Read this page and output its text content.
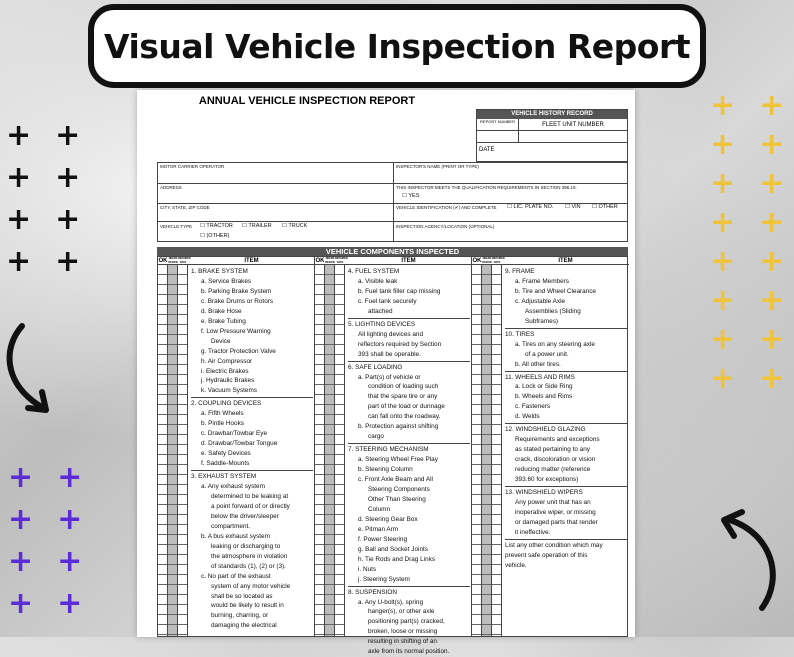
Visual Vehicle Inspection Report
+ +
+ +
+ +
+ +
+ +
+ +
+ +
+ +
+ +
+ +
+ +
+ +
+ +
+ +
+ +
+ +
ANNUAL VEHICLE INSPECTION REPORT
VEHICLE HISTORY RECORD
REPORT NUMBER
FLEET UNIT NUMBER
DATE
MOTOR CARRIER OPERATOR	INSPECTOR'S NAME (PRINT OR TYPE)
ADDRESS	THIS INSPECTOR MEETS THE QUALIFICATION REQUIREMENTS IN SECTION 396.19.
☐ YES
CITY, STATE, ZIP CODE	VEHICLE IDENTIFICATION (✔) AND COMPLETE	☐ LIC. PLATE NO.	☐ VIN	☐ OTHER
VEHICLE TYPE	☐ TRACTOR	☐ TRAILER	☐ TRUCK
☐ (OTHER)
INSPECTION AGENCY/LOCATION (OPTIONAL)
VEHICLE COMPONENTS INSPECTED
OK NEEDS REPAIR
REPAIRED DATE	ITEM
1. BRAKE SYSTEM
a. Service Brakes
b. Parking Brake System
c. Brake Drums or Rotors
d. Brake Hose
e. Brake Tubing
f. Low Pressure Warning
Device
g. Tractor Protection Valve
h. Air Compressor
i. Electric Brakes
j. Hydraulic Brakes
k. Vacuum Systems
2. COUPLING DEVICES
a. Fifth Wheels
b. Pintle Hooks
c. Drawbar/Towbar Eye
d. Drawbar/Towbar Tongue
e. Safety Devices
f. Saddle-Mounts
3. EXHAUST SYSTEM
a. Any exhaust system
determined to be leaking at
a point forward of or directly
below the driver/sleeper
compartment.
b. A bus exhaust system
leaking or discharging to
the atmosphere in violation
of standards (1), (2) or (3).
c. No part of the exhaust
system of any motor vehicle
shall be so located as
would be likely to result in
burning, charring, or
damaging the electrical
OK NEEDS REPAIR
REPAIRED DATE	ITEM
4. FUEL SYSTEM
a. Visible leak
b. Fuel tank filler cap missing
c. Fuel tank securely
attached
5. LIGHTING DEVICES
All lighting devices and
reflectors required by Section
393 shall be operable.
6. SAFE LOADING
a. Part(s) of vehicle or
condition of loading such
that the spare tire or any
part of the load or dunnage
can fall onto the roadway.
b. Protection against shifting
cargo
7. STEERING MECHANISM
a. Steering Wheel Free Play
b. Steering Column
c. Front Axle Beam and All
Steering Components
Other Than Steering
Column
d. Steering Gear Box
e. Pitman Arm
f. Power Steering
g. Ball and Socket Joints
h. Tie Rods and Drag Links
i. Nuts
j. Steering System
8. SUSPENSION
a. Any U-bolt(s), spring
hanger(s), or other axle
positioning part(s) cracked,
broken, loose or missing
resulting in shifting of an
axle from its normal position.
OK NEEDS REPAIR
REPAIRED DATE	ITEM
9. FRAME
a. Frame Members
b. Tire and Wheel Clearance
c. Adjustable Axle
Assemblies (Sliding
Subframes)
10. TIRES
a. Tires on any steering axle
of a power unit.
b. All other tires.
11. WHEELS AND RIMS
a. Lock or Side Ring
b. Wheels and Rims
c. Fasteners
d. Welds
12. WINDSHIELD GLAZING
Requirements and exceptions
as stated pertaining to any
crack, discoloration or vision
reducing matter (reference
393.60 for exceptions)
13. WINDSHIELD WIPERS
Any power unit that has an
inoperative wiper, or missing
or damaged parts that render
it ineffective.
List any other condition which may
prevent safe operation of this
vehicle.
